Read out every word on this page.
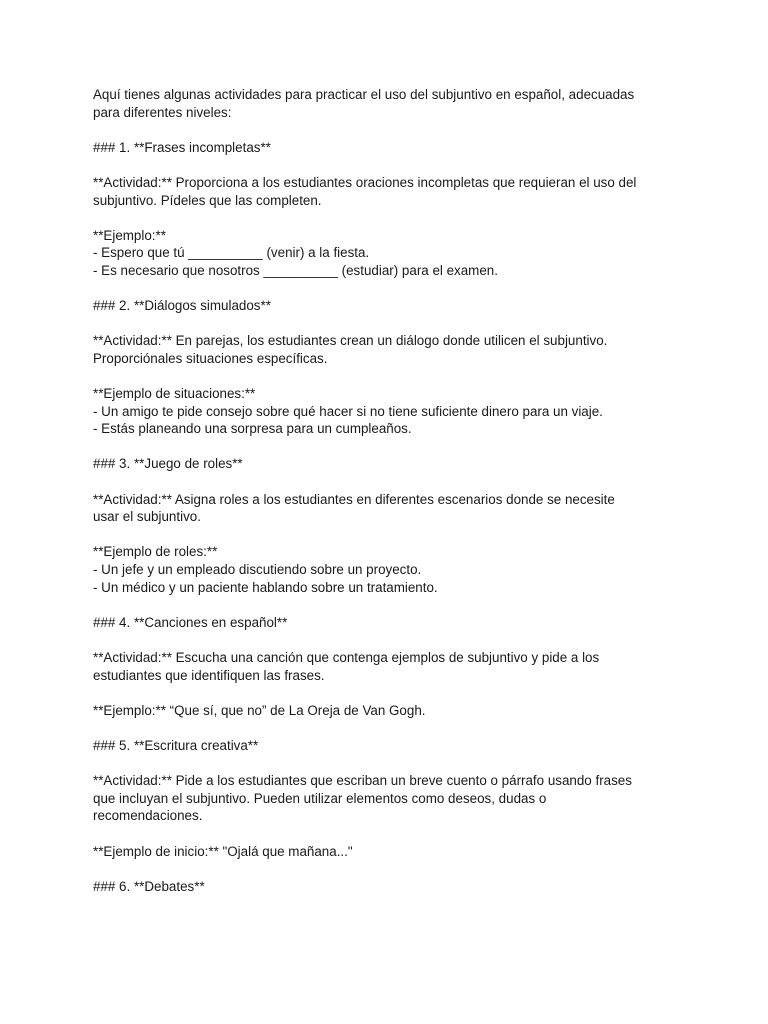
Aquí tienes algunas actividades para practicar el uso del subjuntivo en español, adecuadas
para diferentes niveles:
### 1. **Frases incompletas**
**Actividad:** Proporciona a los estudiantes oraciones incompletas que requieran el uso del
subjuntivo. Pídeles que las completen.
**Ejemplo:**
- Espero que tú __________ (venir) a la fiesta.
- Es necesario que nosotros __________ (estudiar) para el examen.
### 2. **Diálogos simulados**
**Actividad:** En parejas, los estudiantes crean un diálogo donde utilicen el subjuntivo.
Proporciónales situaciones específicas.
**Ejemplo de situaciones:**
- Un amigo te pide consejo sobre qué hacer si no tiene suficiente dinero para un viaje.
- Estás planeando una sorpresa para un cumpleaños.
### 3. **Juego de roles**
**Actividad:** Asigna roles a los estudiantes en diferentes escenarios donde se necesite
usar el subjuntivo.
**Ejemplo de roles:**
- Un jefe y un empleado discutiendo sobre un proyecto.
- Un médico y un paciente hablando sobre un tratamiento.
### 4. **Canciones en español**
**Actividad:** Escucha una canción que contenga ejemplos de subjuntivo y pide a los
estudiantes que identifiquen las frases.
**Ejemplo:** “Que sí, que no” de La Oreja de Van Gogh.
### 5. **Escritura creativa**
**Actividad:** Pide a los estudiantes que escriban un breve cuento o párrafo usando frases
que incluyan el subjuntivo. Pueden utilizar elementos como deseos, dudas o
recomendaciones.
**Ejemplo de inicio:** "Ojalá que mañana..."
### 6. **Debates**
